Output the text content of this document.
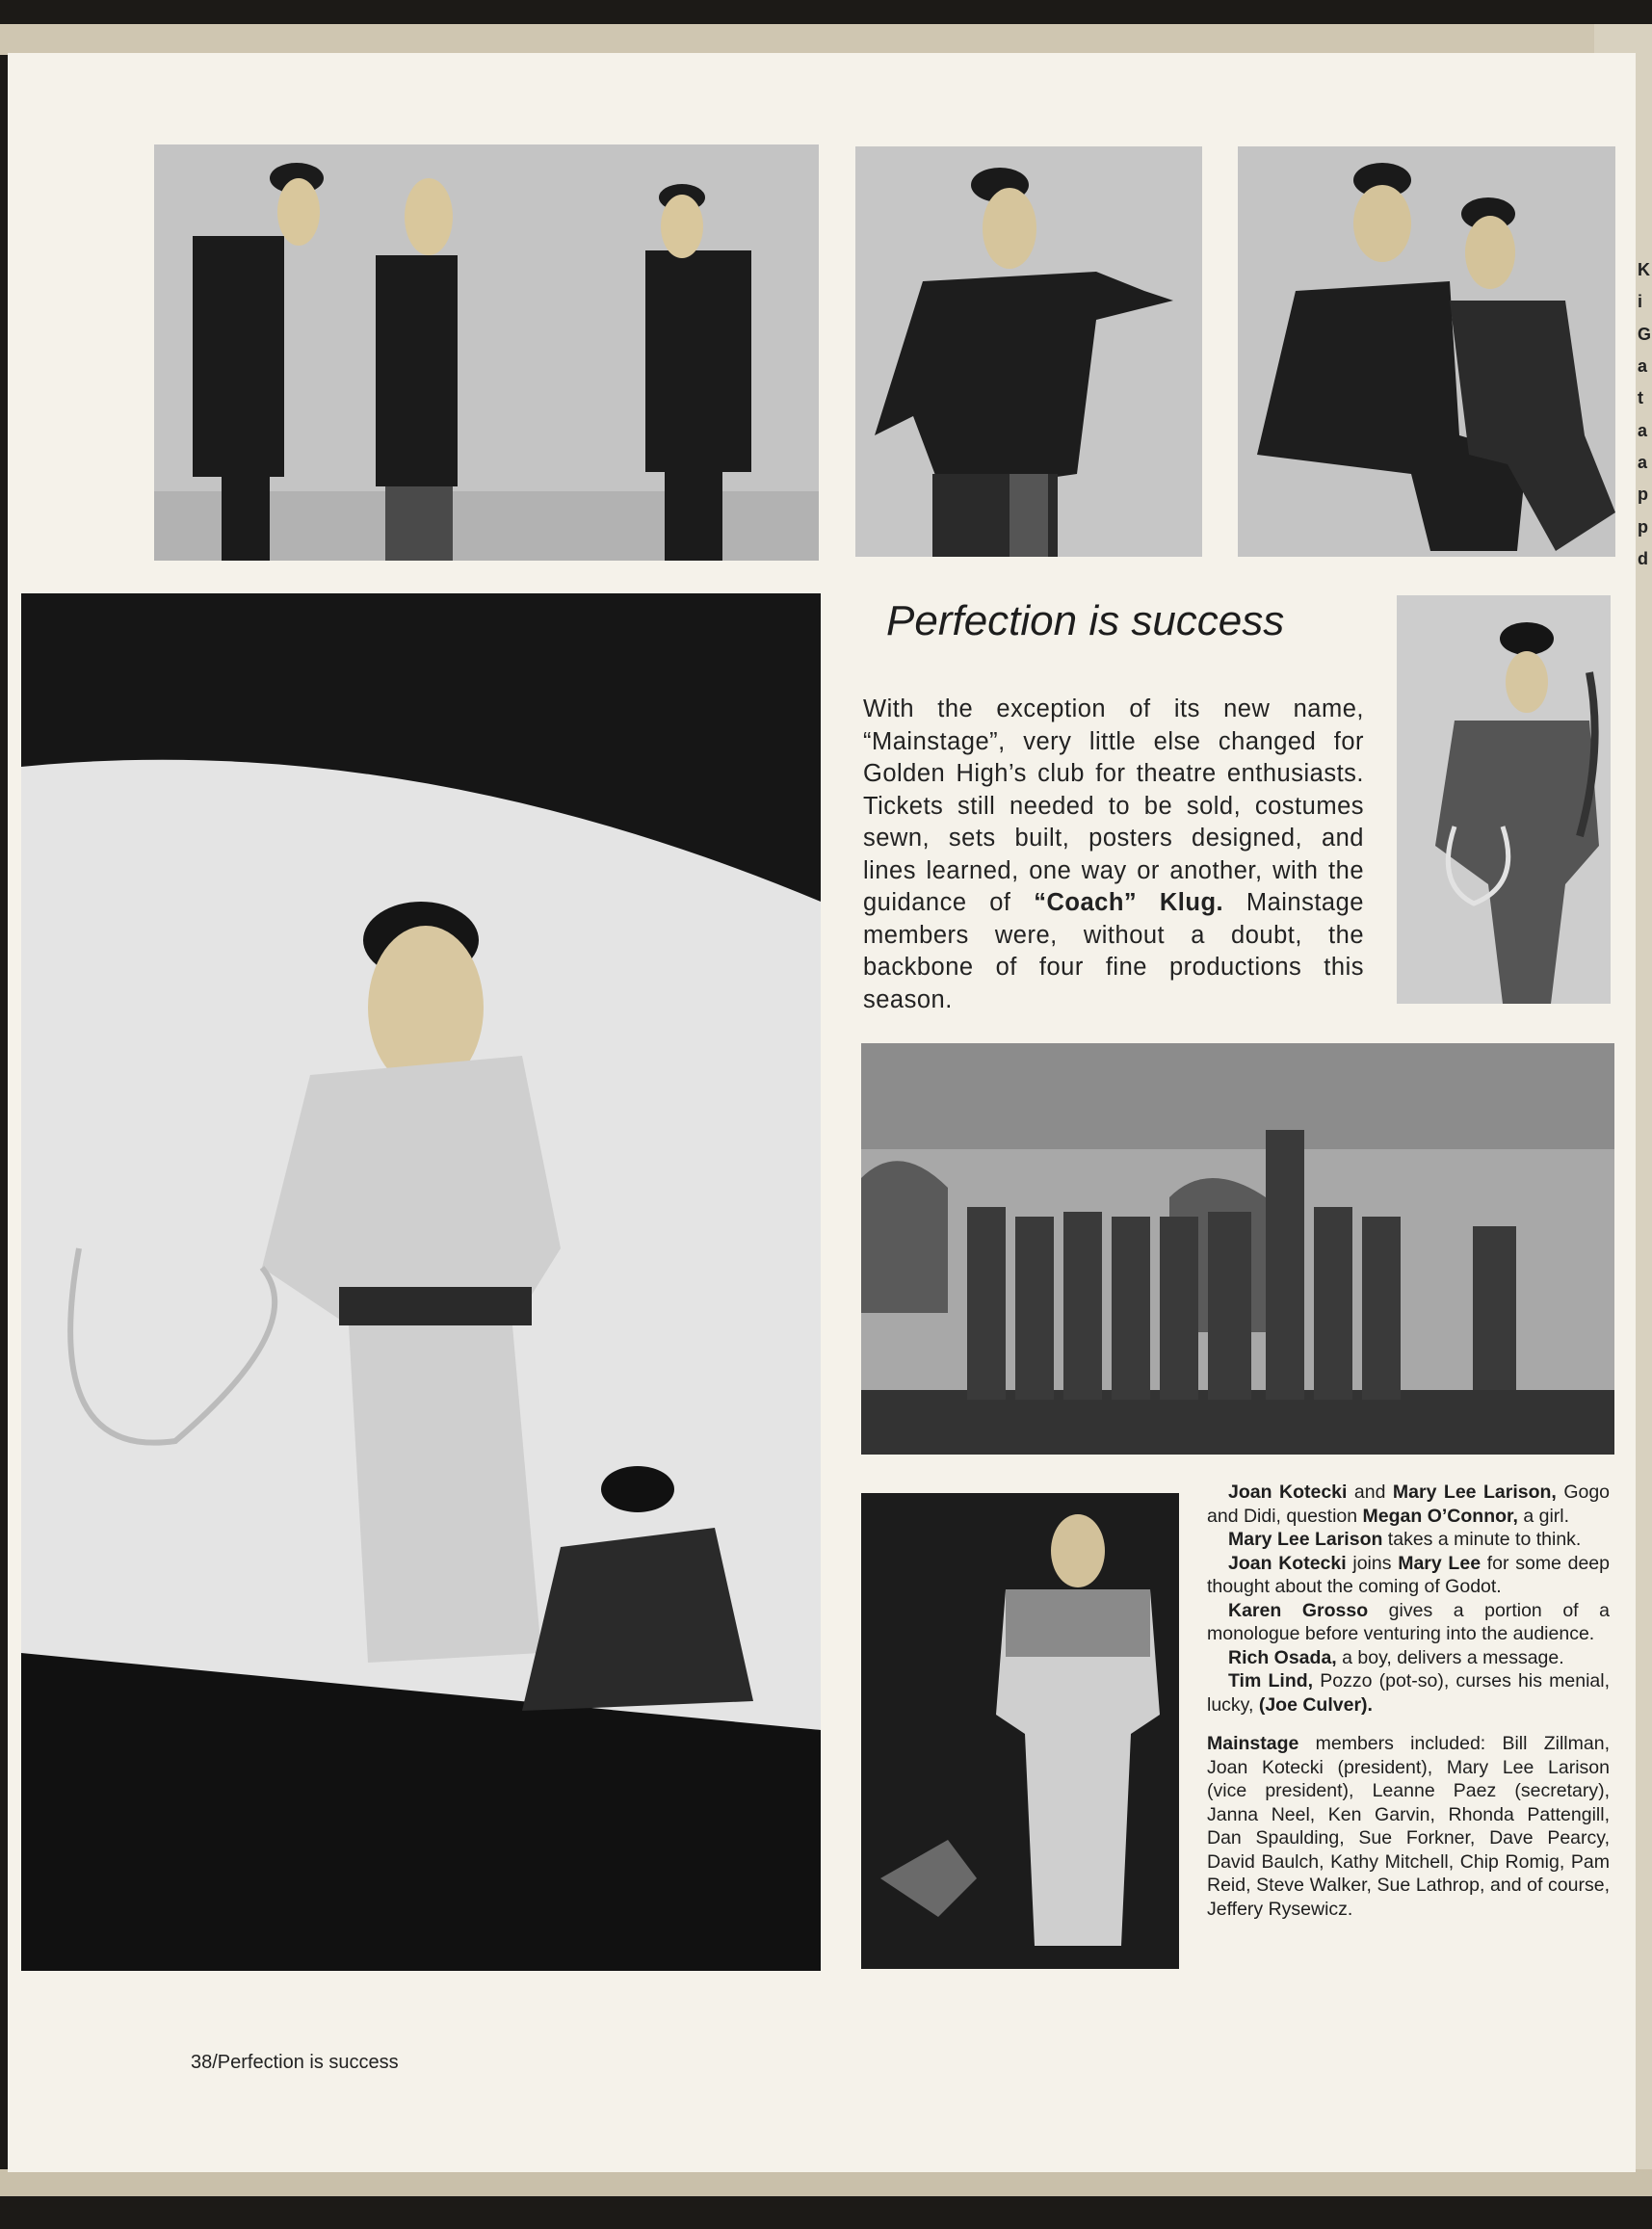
Perfection is success
With the exception of its new name, “Mainstage”, very little else changed for Golden High’s club for theatre enthusiasts. Tickets still needed to be sold, costumes sewn, sets built, posters designed, and lines learned, one way or another, with the guidance of “Coach” Klug. Mainstage members were, without a doubt, the backbone of four fine productions this season.

Joan Kotecki and Mary Lee Larison, Gogo and Didi, question Megan O’Connor, a girl.

Mary Lee Larison takes a minute to think.

Joan Kotecki joins Mary Lee for some deep thought about the coming of Godot.

Karen Grosso gives a portion of a monologue before venturing into the audience.

Rich Osada, a boy, delivers a message.

Tim Lind, Pozzo (pot-so), curses his menial, lucky, (Joe Culver).

Mainstage members included: Bill Zillman, Joan Kotecki (president), Mary Lee Larison (vice president), Leanne Paez (secretary), Janna Neel, Ken Garvin, Rhonda Pattengill, Dan Spaulding, Sue Forkner, Dave Pearcy, David Baulch, Kathy Mitchell, Chip Romig, Pam Reid, Steve Walker, Sue Lathrop, and of course, Jeffery Rysewicz.

38/Perfection is success
K
i
G
a
t
a
a
p
p
d
